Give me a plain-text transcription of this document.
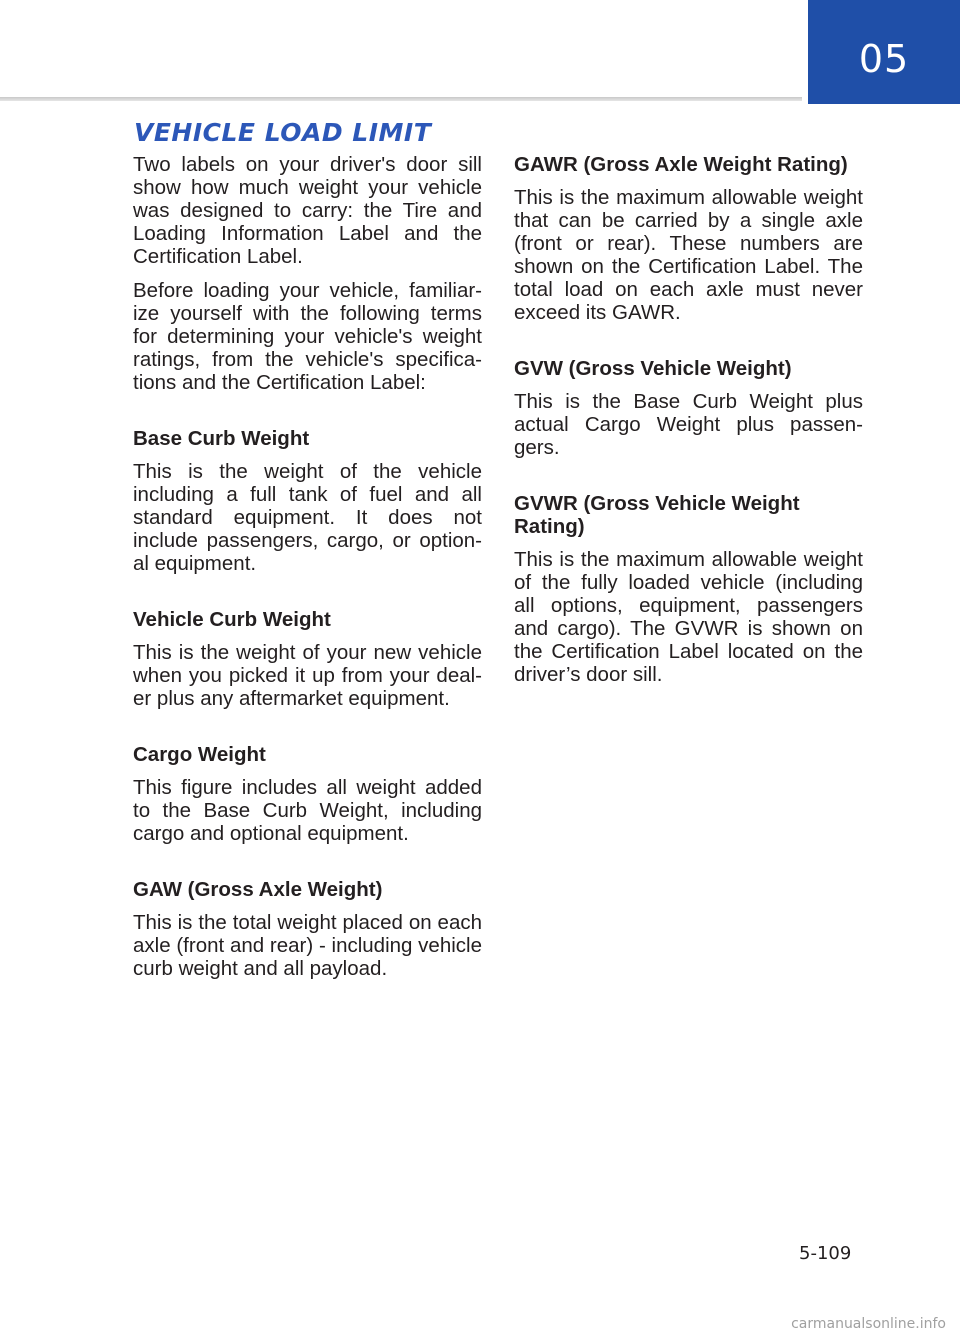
05
VEHICLE LOAD LIMIT

Two labels on your driver's door sill show how much weight your vehicle was designed to carry: the Tire and Loading Information Label and the Certification Label.

Before loading your vehicle, familiar-ize yourself with the following terms for determining your vehicle's weight ratings, from the vehicle's specifica-tions and the Certification Label:

Base Curb Weight

This is the weight of the vehicle including a full tank of fuel and all standard equipment. It does not include passengers, cargo, or option-al equipment.

Vehicle Curb Weight

This is the weight of your new vehicle when you picked it up from your deal-er plus any aftermarket equipment.

Cargo Weight

This figure includes all weight added to the Base Curb Weight, including cargo and optional equipment.

GAW (Gross Axle Weight)

This is the total weight placed on each axle (front and rear) - including vehicle curb weight and all payload.

GAWR (Gross Axle Weight Rating)

This is the maximum allowable weight that can be carried by a single axle (front or rear). These numbers are shown on the Certification Label. The total load on each axle must never exceed its GAWR.

GVW (Gross Vehicle Weight)

This is the Base Curb Weight plus actual Cargo Weight plus passen-gers.

GVWR (Gross Vehicle Weight Rating)

This is the maximum allowable weight of the fully loaded vehicle (including all options, equipment, passengers and cargo). The GVWR is shown on the Certification Label located on the driver’s door sill.

5-109
carmanualsonline.info
